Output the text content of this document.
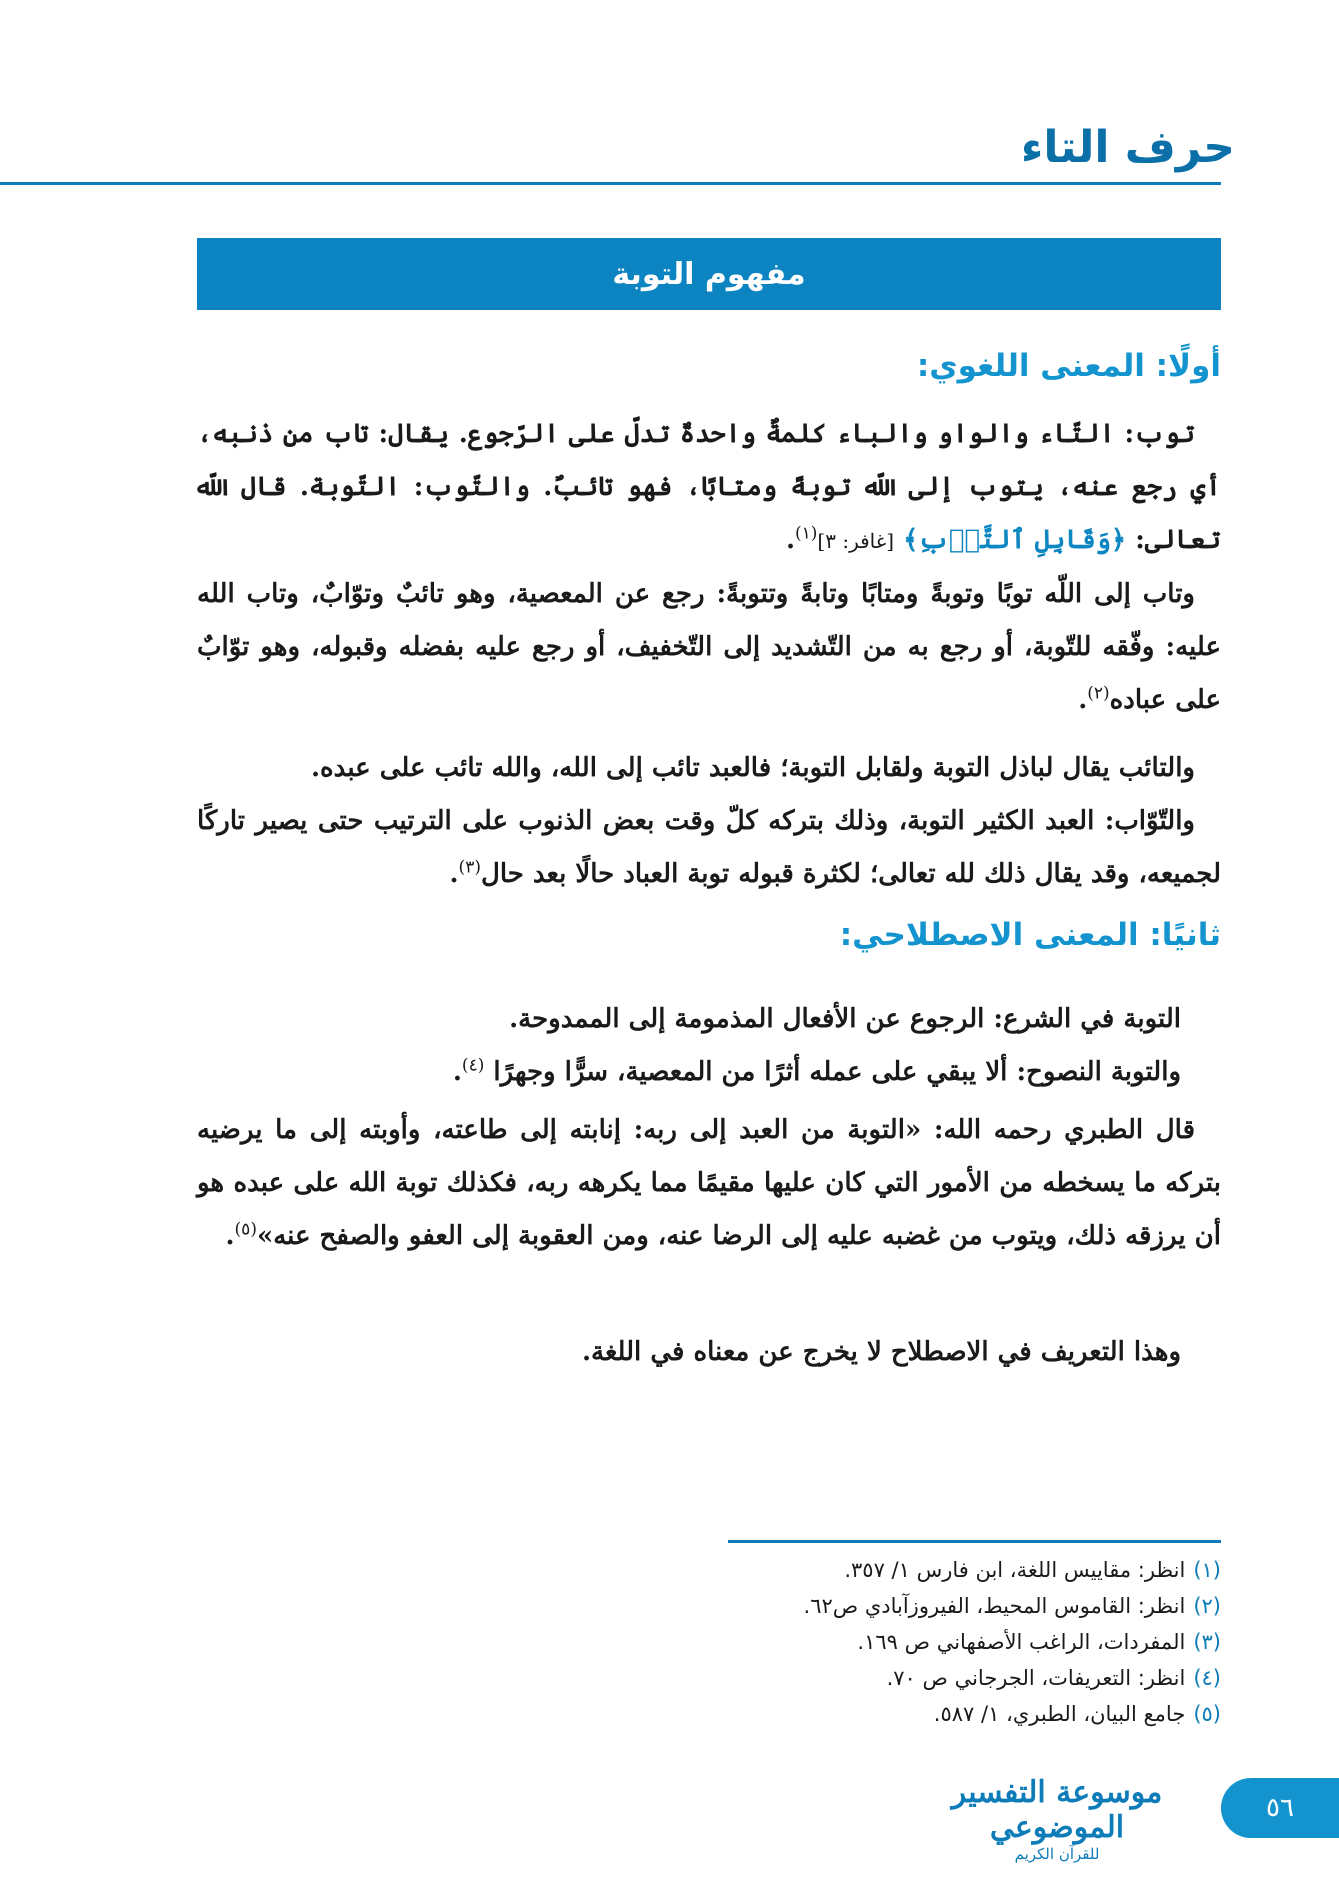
حرف التاء
مفهوم التوبة
أولًا: المعنى اللغوي:
توب: التّاء والواو والباء كلمةٌ واحدةٌ تدلّ على الرّجوع. يقال: تاب من ذنبه، أي رجع عنه، يتوب إلى اللّه توبةً ومتابًا، فهو تائبٌ. والتّوب: التّوبة. قال اللّه تعالى: ﴿وَقَابِلِ ٱلتَّوۡبِ﴾ [غافر: ٣]$^{(١)}$.
وتاب إلى اللّه توبًا وتوبةً ومتابًا وتابةً وتتوبةً: رجع عن المعصية، وهو تائبٌ وتوّابٌ، وتاب الله عليه: وفّقه للتّوبة، أو رجع به من التّشديد إلى التّخفيف، أو رجع عليه بفضله وقبوله، وهو توّابٌ على عباده$^{(٢)}$.
والتائب يقال لباذل التوبة ولقابل التوبة؛ فالعبد تائب إلى الله، والله تائب على عبده.
والتّوّاب: العبد الكثير التوبة، وذلك بتركه كلّ وقت بعض الذنوب على الترتيب حتى يصير تاركًا لجميعه، وقد يقال ذلك لله تعالى؛ لكثرة قبوله توبة العباد حالًا بعد حال$^{(٣)}$.
ثانيًا: المعنى الاصطلاحي:
التوبة في الشرع: الرجوع عن الأفعال المذمومة إلى الممدوحة.
والتوبة النصوح: ألا يبقي على عمله أثرًا من المعصية، سرًّا وجهرًا $^{(٤)}$.
قال الطبري رحمه الله: «التوبة من العبد إلى ربه: إنابته إلى طاعته، وأوبته إلى ما يرضيه بتركه ما يسخطه من الأمور التي كان عليها مقيمًا مما يكرهه ربه، فكذلك توبة الله على عبده هو أن يرزقه ذلك، ويتوب من غضبه عليه إلى الرضا عنه، ومن العقوبة إلى العفو والصفح عنه»$^{(٥)}$.
وهذا التعريف في الاصطلاح لا يخرج عن معناه في اللغة.
(١)
انظر: مقاييس اللغة، ابن فارس ١/ ٣٥٧.
(٢)
انظر: القاموس المحيط، الفيروزآبادي ص٦٢.
(٣)
المفردات، الراغب الأصفهاني ص ١٦٩.
(٤)
انظر: التعريفات، الجرجاني ص ٧٠.
(٥)
جامع البيان، الطبري، ١/ ٥٨٧.
موسوعة التفسير الموضوعي
للقرآن الكريم
٥٦
